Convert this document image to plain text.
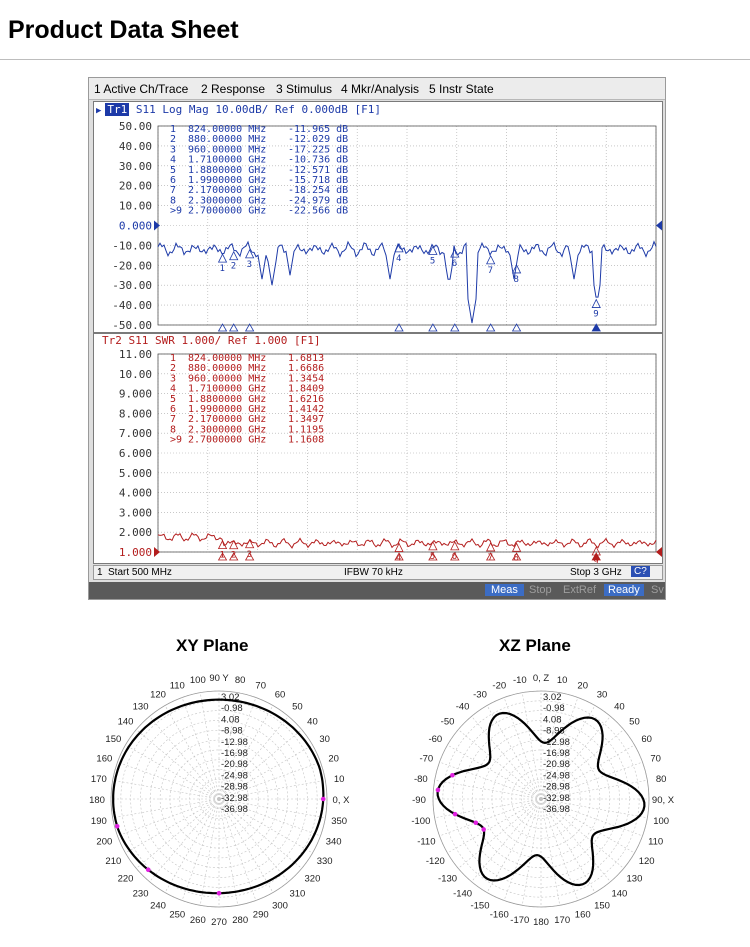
Product Data Sheet
1 Active Ch/Trace 2 Response 3 Stimulus 4 Mkr/Analysis 5 Instr State
▶ Tr1 S11 Log Mag 10.00dB/ Ref 0.000dB [F1]
50.00
40.00
30.00
20.00
10.00
0.000
-10.00
-20.00
-30.00
-40.00
-50.00
1 824.00000 MHz -11.965 dB
2 880.00000 MHz -12.029 dB
3 960.00000 MHz -17.225 dB
4 1.7100000 GHz -10.736 dB
5 1.8800000 GHz -12.571 dB
6 1.9900000 GHz -15.718 dB
7 2.1700000 GHz -18.254 dB
8 2.3000000 GHz -24.979 dB
>9 2.7000000 GHz -22.566 dB
1 2 3
4	5 6
7
8
9
Tr2 S11 SWR 1.000/ Ref 1.000 [F1]
11.00
10.00
9.000
8.000
7.000
6.000
5.000
4.000
3.000
2.000
1.000
1 824.00000 MHz 1.6813
2 880.00000 MHz 1.6686
3 960.00000 MHz 1.3454
4 1.7100000 GHz 1.8409
5 1.8800000 GHz 1.6216
6 1.9900000 GHz 1.4142
7 2.1700000 GHz 1.3497
8 2.3000000 GHz 1.1195
>9 2.7000000 GHz 1.1608
1 2 3	4	5 6	7 8
1 Start 500 MHz	IFBW 70 kHz	Stop 3 GHz	C?
Meas	Stop ExtRef	Ready	Sv
XY Plane	XZ Plane
90 Y 80
70
60
50
40
30
20
10
0, X
350
340
330
320
310
300
290
280
270
260
250
240
230
220
210
200
190
180
170
160
150
140
130
120
110
100
3.02
-0.98
4.08
-8.98
-12.98
-16.98
-20.98
-24.98
-28.98
-32.98
-36.98
0, Z 10
20
30
40
50
60
70
80
90, X
100
110
120
130
140
150
160
170
180
-170
-160
-150
-140
-130
-120
-110
-100
-90
-80
-70
-60
-50
-40
-30
-20
-10
3.02
-0.98
4.08
-8.98
-12.98
-16.98
-20.98
-24.98
-28.98
-32.98
-36.98
